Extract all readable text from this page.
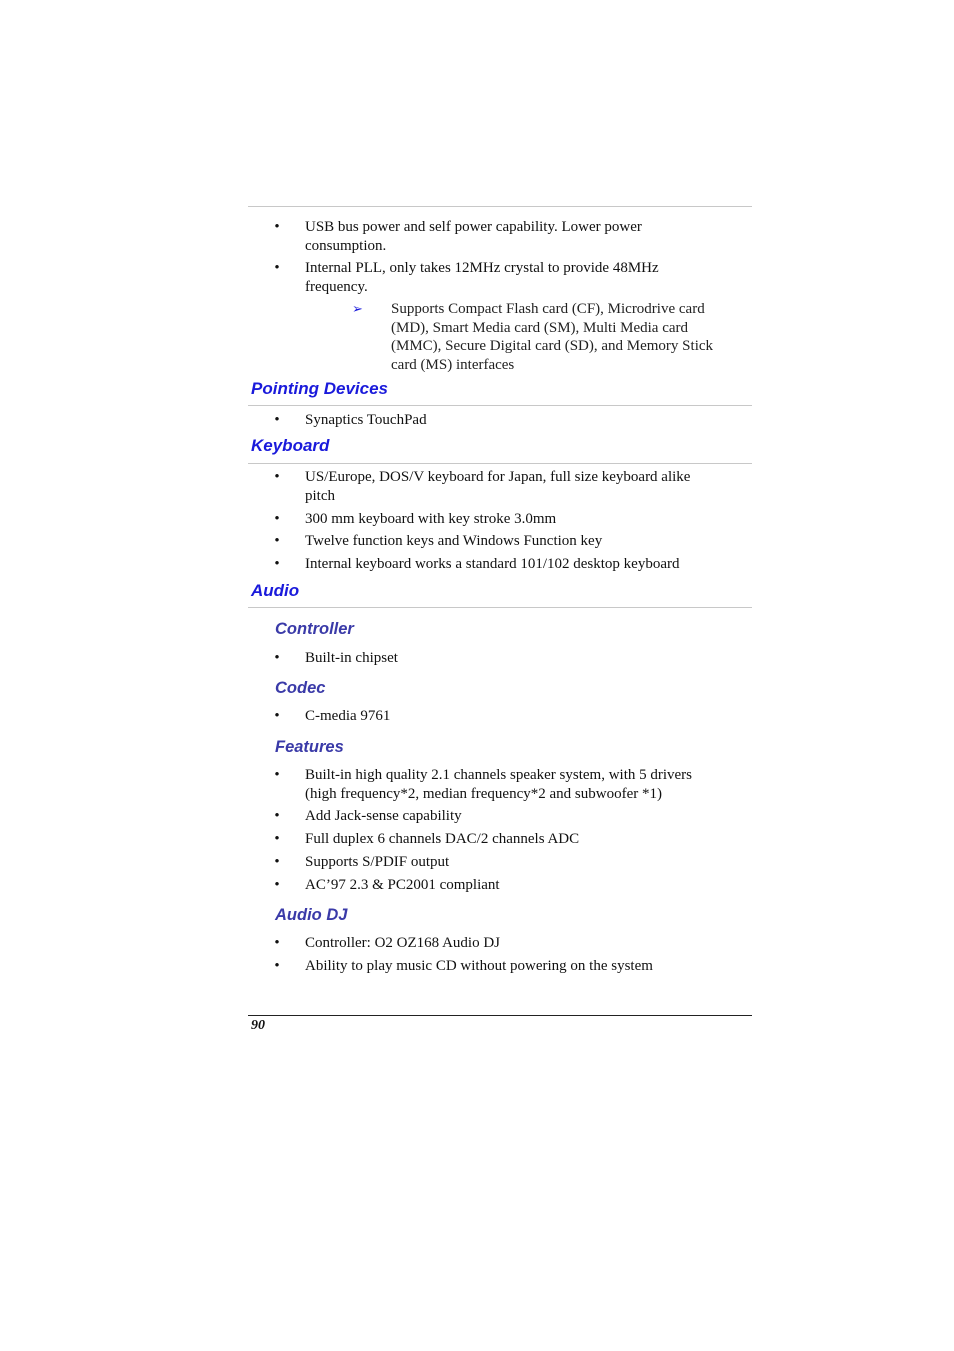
• USB bus power and self power capability. Lower power
consumption.
• Internal PLL, only takes 12MHz crystal to provide 48MHz
frequency.
➢ Supports Compact Flash card (CF), Microdrive card
(MD), Smart Media card (SM), Multi Media card
(MMC), Secure Digital card (SD), and Memory Stick
card (MS) interfaces
Pointing Devices
• Synaptics TouchPad
Keyboard
• US/Europe, DOS/V keyboard for Japan, full size keyboard alike
pitch
• 300 mm keyboard with key stroke 3.0mm
• Twelve function keys and Windows Function key
• Internal keyboard works a standard 101/102 desktop keyboard
Audio
Controller
• Built-in chipset
Codec
• C-media 9761
Features
• Built-in high quality 2.1 channels speaker system, with 5 drivers
(high frequency*2, median frequency*2 and subwoofer *1)
• Add Jack-sense capability
• Full duplex 6 channels DAC/2 channels ADC
• Supports S/PDIF output
• AC’97 2.3 & PC2001 compliant
Audio DJ
• Controller: O2 OZ168 Audio DJ
• Ability to play music CD without powering on the system
90
